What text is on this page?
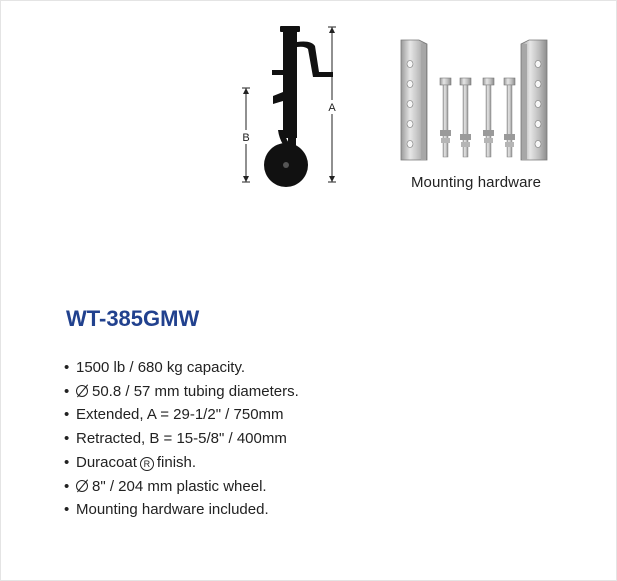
B
A
Mounting hardware
WT-385GMW
• 1500 lb / 680 kg capacity.
• 50.8 / 57 mm tubing diameters.
• Extended, A = 29-1/2" / 750mm
• Retracted, B = 15-5/8" / 400mm
• Duracoat R finish.
• 8" / 204 mm plastic wheel.
• Mounting hardware included.
